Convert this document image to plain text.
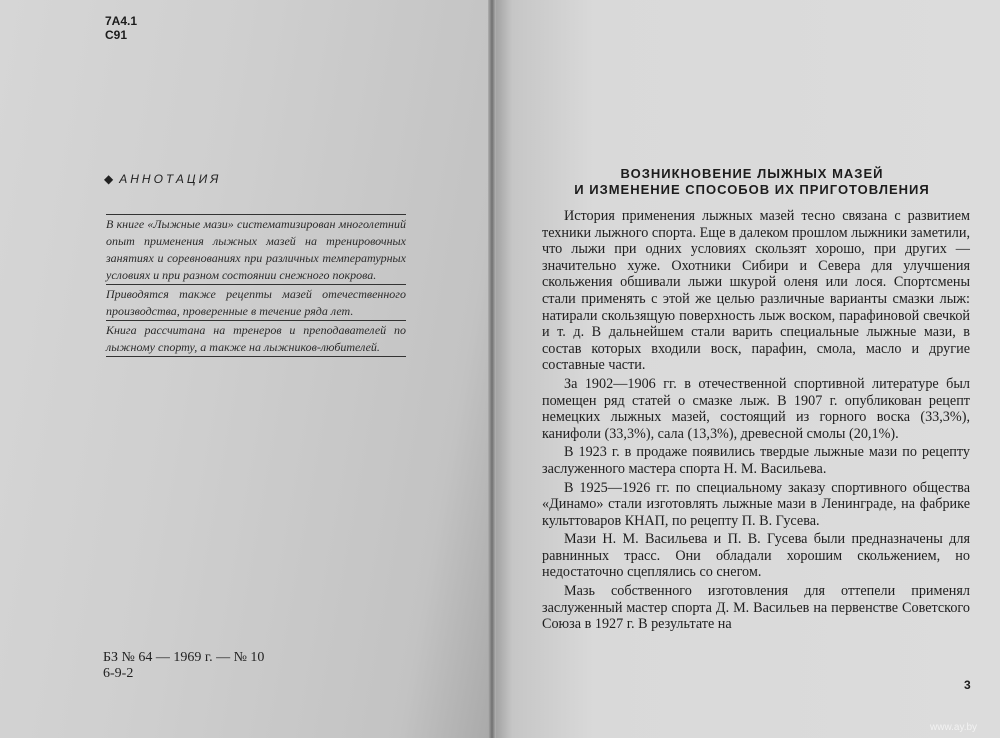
7А4.1
С91
◆ АННОТАЦИЯ

В книге «Лыжные мази» систематизирован многолетний опыт применения лыжных мазей на тренировочных занятиях и соревнованиях при различных температурных условиях и при разном состоянии снежного покрова.

Приводятся также рецепты мазей отечественного производства, проверенные в течение ряда лет.

Книга рассчитана на тренеров и преподавателей по лыжному спорту, а также на лыжников-любителей.

БЗ № 64 — 1969 г. — № 10
6-9-2
ВОЗНИКНОВЕНИЕ ЛЫЖНЫХ МАЗЕЙ
И ИЗМЕНЕНИЕ СПОСОБОВ ИХ ПРИГОТОВЛЕНИЯ

История применения лыжных мазей тесно связана с развитием техники лыжного спорта. Еще в далеком прошлом лыжники заметили, что лыжи при одних условиях скользят хорошо, при других — значительно хуже. Охотники Сибири и Севера для улучшения скольжения обшивали лыжи шкурой оленя или лося. Спортсмены стали применять с этой же целью различные варианты смазки лыж: натирали скользящую поверхность лыж воском, парафиновой свечкой и т. д. В дальнейшем стали варить специальные лыжные мази, в состав которых входили воск, парафин, смола, масло и другие составные части.

За 1902—1906 гг. в отечественной спортивной литературе был помещен ряд статей о смазке лыж. В 1907 г. опубликован рецепт немецких лыжных мазей, состоящий из горного воска (33,3%), канифоли (33,3%), сала (13,3%), древесной смолы (20,1%).

В 1923 г. в продаже появились твердые лыжные мази по рецепту заслуженного мастера спорта Н. М. Васильева.

В 1925—1926 гг. по специальному заказу спортивного общества «Динамо» стали изготовлять лыжные мази в Ленинграде, на фабрике культтоваров КНАП, по рецепту П. В. Гусева.

Мази Н. М. Васильева и П. В. Гусева были предназначены для равнинных трасс. Они обладали хорошим скольжением, но недостаточно сцеплялись со снегом.

Мазь собственного изготовления для оттепели применял заслуженный мастер спорта Д. М. Васильев на первенстве Советского Союза в 1927 г. В результате на

3
www.ay.by
